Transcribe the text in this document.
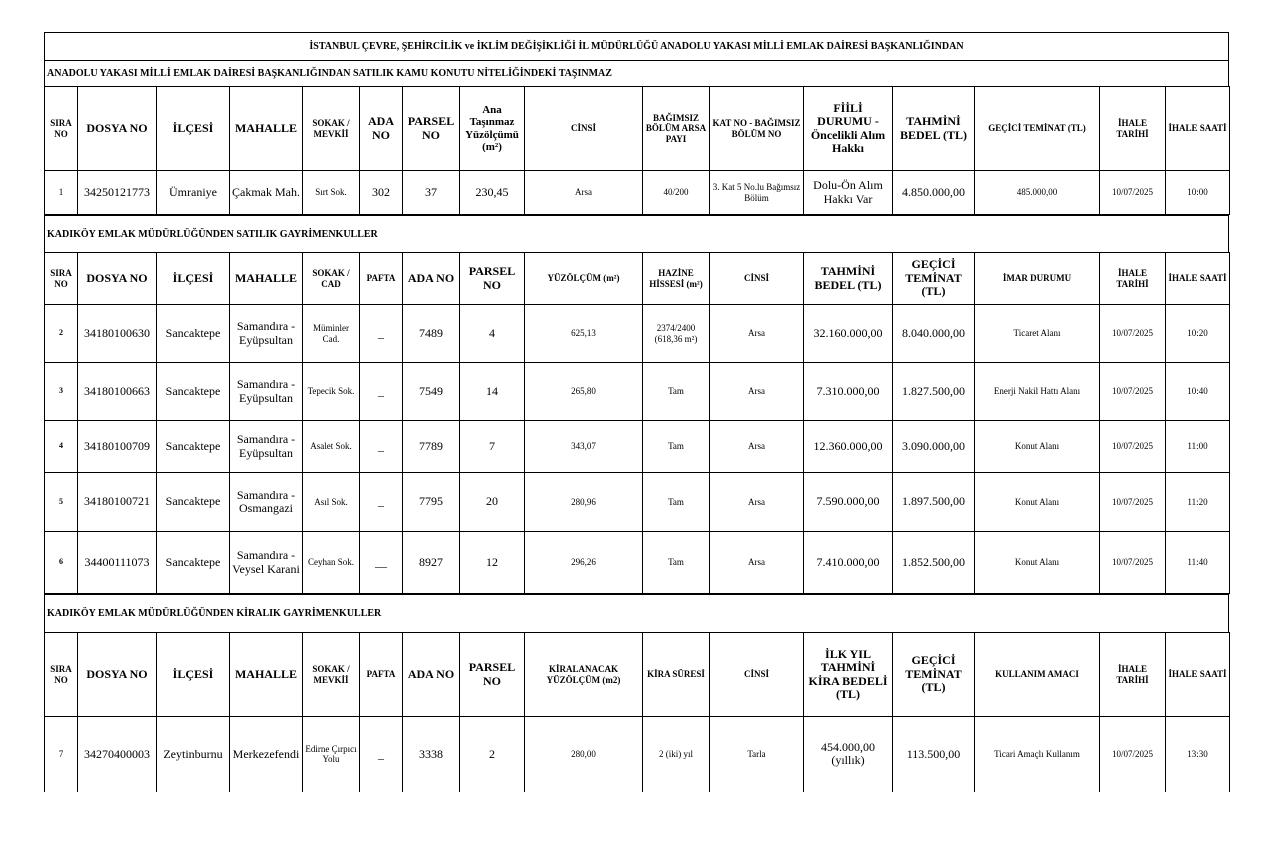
İSTANBUL ÇEVRE, ŞEHİRCİLİK ve İKLİM DEĞİŞİKLİĞİ İL MÜDÜRLÜĞÜ ANADOLU YAKASI MİLLİ EMLAK DAİRESİ BAŞKANLIĞINDAN
ANADOLU YAKASI MİLLİ EMLAK DAİRESİ BAŞKANLIĞINDAN SATILIK KAMU KONUTU NİTELİĞİNDEKİ TAŞINMAZ
SIRA NO	DOSYA NO	İLÇESİ	MAHALLE	SOKAK / MEVKİİ	ADA NO	PARSEL NO	Ana Taşınmaz Yüzölçümü (m²)	CİNSİ	BAĞIMSIZ BÖLÜM ARSA PAYI	KAT NO - BAĞIMSIZ BÖLÜM NO	FİİLİ DURUMU - Öncelikli Alım Hakkı	TAHMİNİ BEDEL (TL)	GEÇİCİ TEMİNAT (TL)	İHALE TARİHİ	İHALE SAATİ
1	34250121773	Ümraniye	Çakmak Mah.	Sırt Sok.	302	37	230,45	Arsa	40/200	3. Kat 5 No.lu Bağımsız Bölüm	Dolu-Ön Alım Hakkı Var	4.850.000,00	485.000,00	10/07/2025	10:00
KADIKÖY EMLAK MÜDÜRLÜĞÜNDEN SATILIK GAYRİMENKULLER
SIRA NO	DOSYA NO	İLÇESİ	MAHALLE	SOKAK / CAD	PAFTA	ADA NO	PARSEL NO	YÜZÖLÇÜM (m²)	HAZİNE HİSSESİ (m²)	CİNSİ	TAHMİNİ BEDEL (TL)	GEÇİCİ TEMİNAT (TL)	İMAR DURUMU	İHALE TARİHİ	İHALE SAATİ
2	34180100630	Sancaktepe	Samandıra -Eyüpsultan	Müminler Cad.	_	7489	4	625,13	2374/2400 (618,36 m²)	Arsa	32.160.000,00	8.040.000,00	Ticaret Alanı	10/07/2025	10:20
3	34180100663	Sancaktepe	Samandıra -Eyüpsultan	Tepecik Sok.	_	7549	14	265,80	Tam	Arsa	7.310.000,00	1.827.500,00	Enerji Nakil Hattı Alanı	10/07/2025	10:40
4	34180100709	Sancaktepe	Samandıra -Eyüpsultan	Asalet Sok.	_	7789	7	343,07	Tam	Arsa	12.360.000,00	3.090.000,00	Konut Alanı	10/07/2025	11:00
5	34180100721	Sancaktepe	Samandıra -Osmangazi	Asıl Sok.	_	7795	20	280,96	Tam	Arsa	7.590.000,00	1.897.500,00	Konut Alanı	10/07/2025	11:20
6	34400111073	Sancaktepe	Samandıra -Veysel Karani	Ceyhan Sok.	__	8927	12	296,26	Tam	Arsa	7.410.000,00	1.852.500,00	Konut Alanı	10/07/2025	11:40
KADIKÖY EMLAK MÜDÜRLÜĞÜNDEN KİRALIK GAYRİMENKULLER
SIRA NO	DOSYA NO	İLÇESİ	MAHALLE	SOKAK / MEVKİİ	PAFTA	ADA NO	PARSEL NO	KİRALANACAK YÜZÖLÇÜM (m2)	KİRA SÜRESİ	CİNSİ	İLK YIL TAHMİNİ KİRA BEDELİ (TL)	GEÇİCİ TEMİNAT (TL)	KULLANIM AMACI	İHALE TARİHİ	İHALE SAATİ
7	34270400003	Zeytinburnu	Merkezefendi	Edirne Çırpıcı Yolu	_	3338	2	280,00	2 (iki) yıl	Tarla	454.000,00 (yıllık)	113.500,00	Ticari Amaçlı Kullanım	10/07/2025	13:30
